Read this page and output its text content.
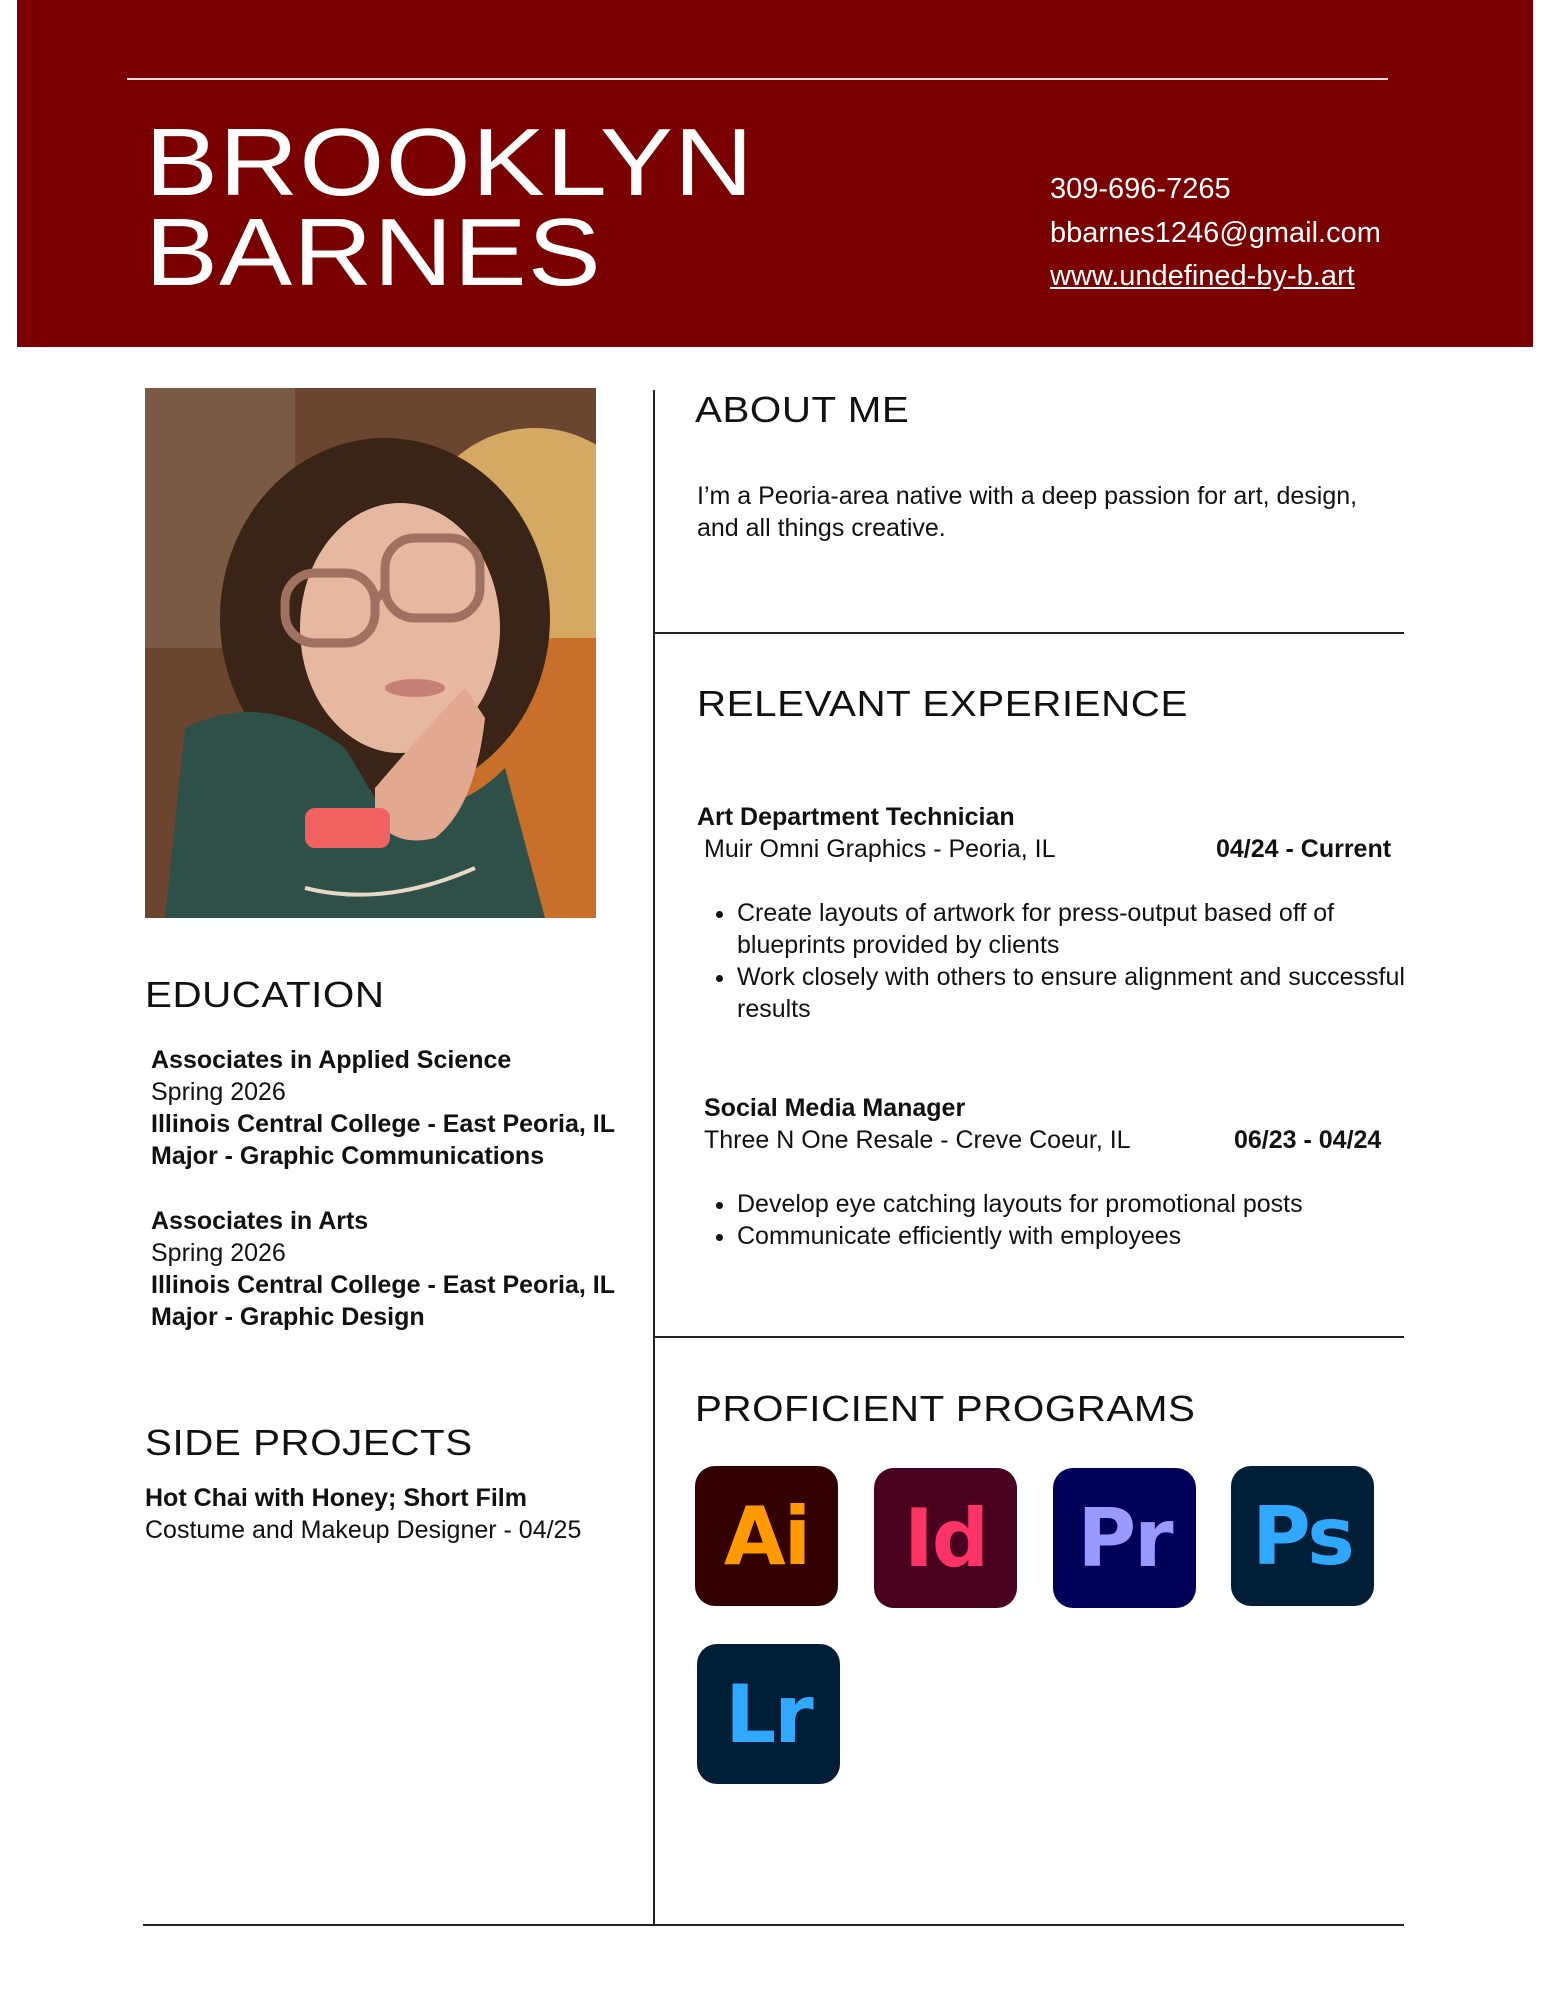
BROOKLYN
BARNES
309-696-7265
bbarnes1246@gmail.com
www.undefined-by-b.art
ABOUT ME
I’m a Peoria-area native with a deep passion for art, design, and all things creative.
RELEVANT EXPERIENCE
Art Department Technician
Muir Omni Graphics - Peoria, IL	04/24 - Current
• Create layouts of artwork for press-output based off of blueprints provided by clients
• Work closely with others to ensure alignment and successful results
Social Media Manager
Three N One Resale - Creve Coeur, IL	06/23 - 04/24
• Develop eye catching layouts for promotional posts
• Communicate efficiently with employees
EDUCATION
Associates in Applied Science
Spring 2026
Illinois Central College - East Peoria, IL
Major - Graphic Communications
Associates in Arts
Spring 2026
Illinois Central College - East Peoria, IL
Major - Graphic Design
SIDE PROJECTS
Hot Chai with Honey; Short Film
Costume and Makeup Designer - 04/25
PROFICIENT PROGRAMS
Ai Id Pr Ps
Lr
